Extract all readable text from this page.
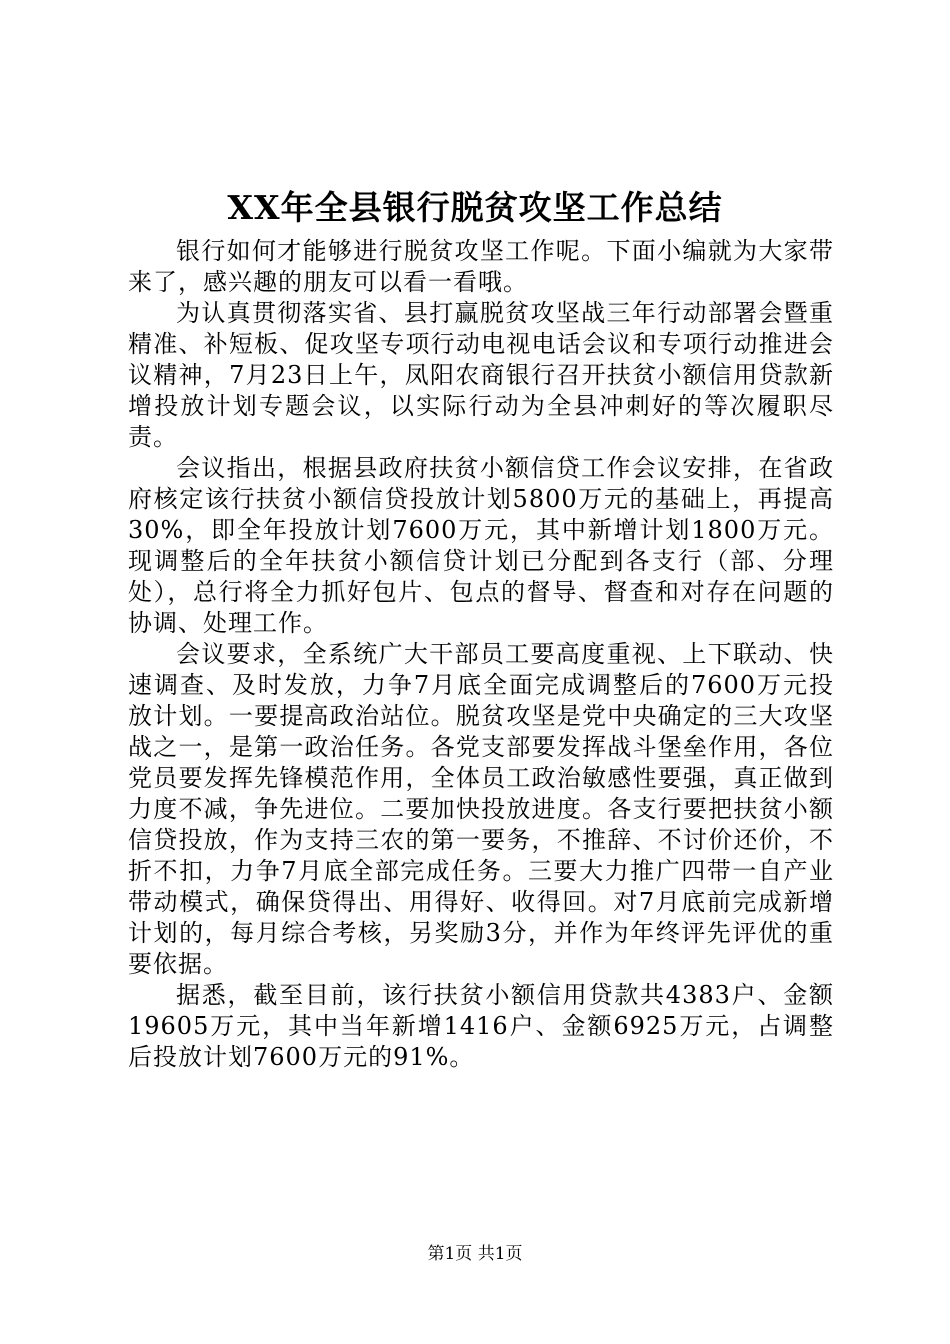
XX年全县银行脱贫攻坚工作总结

银行如何才能够进行脱贫攻坚工作呢。下面小编就为大家带来了，感兴趣的朋友可以看一看哦。

为认真贯彻落实省、县打赢脱贫攻坚战三年行动部署会暨重精准、补短板、促攻坚专项行动电视电话会议和专项行动推进会议精神，7月23日上午，凤阳农商银行召开扶贫小额信用贷款新增投放计划专题会议，以实际行动为全县冲刺好的等次履职尽责。

会议指出，根据县政府扶贫小额信贷工作会议安排，在省政府核定该行扶贫小额信贷投放计划5800万元的基础上，再提高30%，即全年投放计划7600万元，其中新增计划1800万元。现调整后的全年扶贫小额信贷计划已分配到各支行（部、分理处），总行将全力抓好包片、包点的督导、督查和对存在问题的协调、处理工作。

会议要求，全系统广大干部员工要高度重视、上下联动、快速调查、及时发放，力争7月底全面完成调整后的7600万元投放计划。一要提高政治站位。脱贫攻坚是党中央确定的三大攻坚战之一，是第一政治任务。各党支部要发挥战斗堡垒作用，各位党员要发挥先锋模范作用，全体员工政治敏感性要强，真正做到力度不减，争先进位。二要加快投放进度。各支行要把扶贫小额信贷投放，作为支持三农的第一要务，不推辞、不讨价还价，不折不扣，力争7月底全部完成任务。三要大力推广四带一自产业带动模式，确保贷得出、用得好、收得回。对7月底前完成新增计划的，每月综合考核，另奖励3分，并作为年终评先评优的重要依据。

据悉，截至目前，该行扶贫小额信用贷款共4383户、金额19605万元，其中当年新增1416户、金额6925万元，占调整后投放计划7600万元的91%。

第1页 共1页
